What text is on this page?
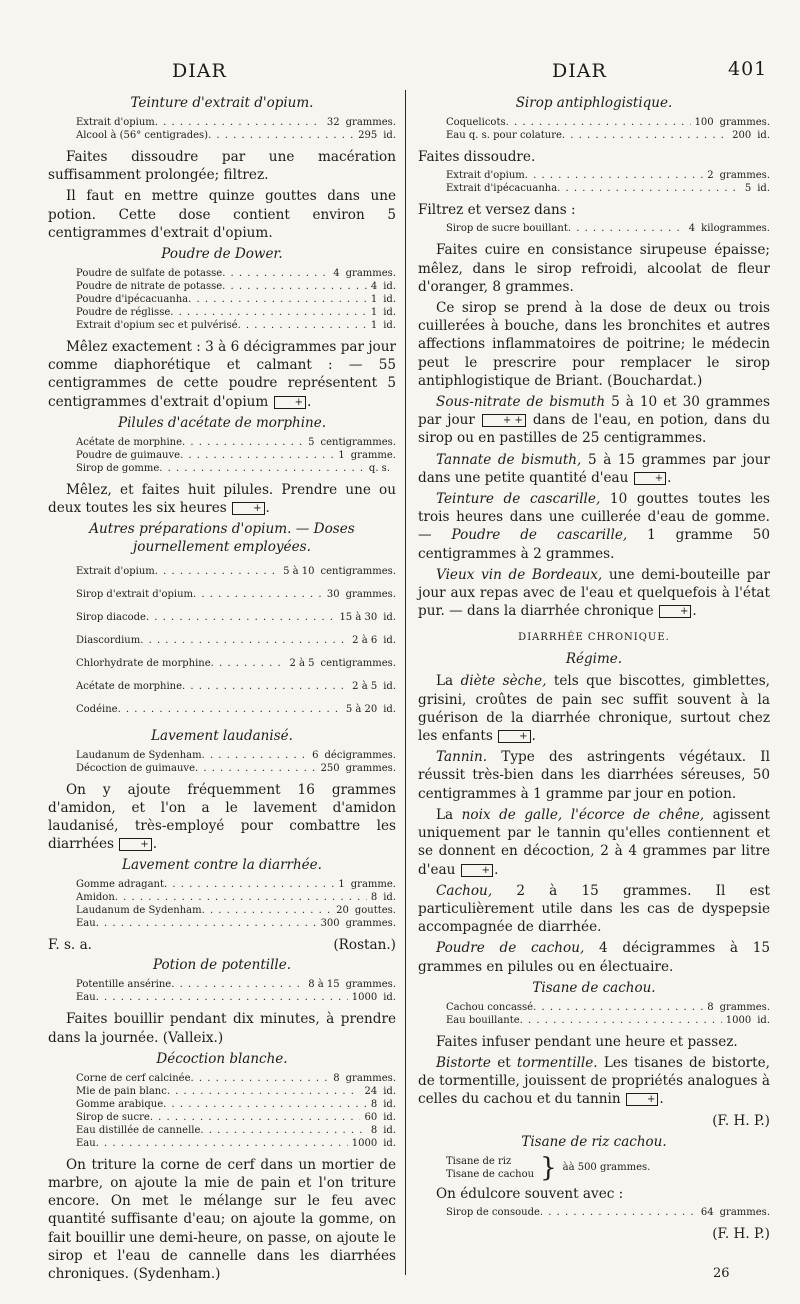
DIAR	DIAR	401
Teinture d'extrait d'opium.
Extrait d'opium . . .	32 grammes.
Alcool à (56° centigrades) . . .	295 id.

Faites dissoudre par une macération suffisamment prolongée; filtrez.

Il faut en mettre quinze gouttes dans une potion. Cette dose contient environ 5 centigrammes d'extrait d'opium.

Poudre de Dower.
Poudre de sulfate de potasse . . .	4 grammes.
Poudre de nitrate de potasse . . .	4 id.
Poudre d'ipécacuanha . . .	1 id.
Poudre de réglisse . . .	1 id.
Extrait d'opium sec et pulvérisé . . .	1 id.

Mêlez exactement : 3 à 6 décigrammes par jour comme diaphorétique et calmant : — 55 centigrammes de cette poudre représentent 5 centigrammes d'extrait d'opium	+ .

Pilules d'acétate de morphine.
Acétate de morphine . . .	5 centigrammes.
Poudre de guimauve . . .	1 gramme.
Sirop de gomme . . .	q. s.

Mêlez, et faites huit pilules. Prendre une ou deux toutes les six heures	+ .

Autres préparations d'opium. — Doses journellement employées.

Extrait d'opium . . .	5 à 10 centigrammes.
Sirop d'extrait d'opium . . .	30 grammes.
Sirop diacode . . .	15 à 30 id.
Diascordium . . .	2 à 6 id.
Chlorhydrate de morphine . . .	2 à 5 centigrammes.
Acétate de morphine . . .	2 à 5 id.
Codéine . . .	5 à 20 id.
Lavement laudanisé.
Laudanum de Sydenham . . .	6 décigrammes.
Décoction de guimauve . . .	250 grammes.

On y ajoute fréquemment 16 grammes d'amidon, et l'on a le lavement d'amidon laudanisé, très-employé pour combattre les diarrhées	+ .

Lavement contre la diarrhée.
Gomme adragant . . .	1 gramme.
Amidon . . .	8 id.
Laudanum de Sydenham . . .	20 gouttes.
Eau . . .	300 grammes.
F. s. a.	(Rostan.)
Potion de potentille.
Potentille ansérine . . .	8 à 15 grammes.
Eau . . .	1000 id.

Faites bouillir pendant dix minutes, à prendre dans la journée. (Valleix.)

Décoction blanche.
Corne de cerf calcinée . . .	8 grammes.
Mie de pain blanc . . .	24 id.
Gomme arabique . . .	8 id.
Sirop de sucre . . .	60 id.
Eau distillée de cannelle . . .	8 id.
Eau . . .	1000 id.

On triture la corne de cerf dans un mortier de marbre, on ajoute la mie de pain et l'on triture encore. On met le mélange sur le feu avec quantité suffisante d'eau; on ajoute la gomme, on fait bouillir une demi-heure, on passe, on ajoute le sirop et l'eau de cannelle dans les diarrhées chroniques. (Sydenham.)

Sirop antiphlogistique.
Coquelicots . . .	100 grammes.
Eau q. s. pour colature . . .	200 id.

Faites dissoudre.

Extrait d'opium . . .	2 grammes.
Extrait d'ipécacuanha . . .	5 id.

Filtrez et versez dans :

Sirop de sucre bouillant . . .	4 kilogrammes.

Faites cuire en consistance sirupeuse épaisse; mêlez, dans le sirop refroidi, alcoolat de fleur d'oranger, 8 grammes.

Ce sirop se prend à la dose de deux ou trois cuillerées à bouche, dans les bronchites et autres affections inflammatoires de poitrine; le médecin peut le prescrire pour remplacer le sirop antiphlogistique de Briant. (Bouchardat.)

Sous-nitrate de bismuth 5 à 10 et 30 grammes par jour	+ + dans de l'eau, en potion, dans du sirop ou en pastilles de 25 centigrammes.

Tannate de bismuth, 5 à 15 grammes par jour dans une petite quantité d'eau	+ .

Teinture de cascarille, 10 gouttes toutes les trois heures dans une cuillerée d'eau de gomme. — Poudre de cascarille, 1 gramme 50 centigrammes à 2 grammes.

Vieux vin de Bordeaux, une demi-bouteille par jour aux repas avec de l'eau et quelquefois à l'état pur. — dans la diarrhée chronique	+ .

DIARRHÉE CHRONIQUE.
Régime.

La diète sèche, tels que biscottes, gimblettes, grisini, croûtes de pain sec suffit souvent à la guérison de la diarrhée chronique, surtout chez les enfants	+ .

Tannin. Type des astringents végétaux. Il réussit très-bien dans les diarrhées séreuses, 50 centigrammes à 1 gramme par jour en potion.

La noix de galle, l'écorce de chêne, agissent uniquement par le tannin qu'elles contiennent et se donnent en décoction, 2 à 4 grammes par litre d'eau	+ .

Cachou, 2 à 15 grammes. Il est particulièrement utile dans les cas de dyspepsie accompagnée de diarrhée.

Poudre de cachou, 4 décigrammes à 15 grammes en pilules ou en électuaire.

Tisane de cachou.
Cachou concassé . . .	8 grammes.
Eau bouillante . . .	1000 id.

Faites infuser pendant une heure et passez.

Bistorte et tormentille. Les tisanes de bistorte, de tormentille, jouissent de propriétés analogues à celles du cachou et du tannin	+ .

(F. H. P.)

Tisane de riz cachou.
Tisane de riz
Tisane de cachou } àà 500 grammes.

On édulcore souvent avec :

Sirop de consoude . . .	64 grammes.

(F. H. P.)

26
